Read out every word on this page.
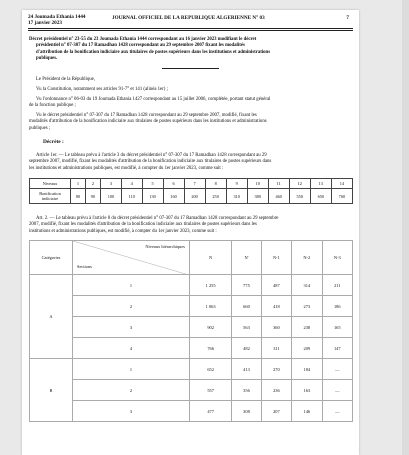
24 Joumada Ethania 1444
17 janvier 2023
JOURNAL OFFICIEL DE LA REPUBLIQUE ALGERIENNE N° 03	7
Décret présidentiel n° 23-55 du 23 Joumada Ethania 1444 correspondant au 16 janvier 2023 modifiant le décret
présidentiel n° 07-307 du 17 Ramadhan 1428 correspondant au 29 septembre 2007 fixant les modalités
d'attribution de la bonification indiciaire aux titulaires de postes supérieurs dans les institutions et administrations
publiques.
Le Président de la République,
Vu la Constitution, notamment ses articles 91-7° et 141 (alinéa 1er) ;
Vu l'ordonnance n° 06-03 du 19 Joumada Ethania 1427 correspondant au 15 juillet 2006, complétée, portant statut général
de la fonction publique ;
Vu le décret présidentiel n° 07-307 du 17 Ramadhan 1428 correspondant au 29 septembre 2007, modifié, fixant les
modalités d'attribution de la bonification indiciaire aux titulaires de postes supérieurs dans les institutions et administrations
publiques ;
Décrète :
Article 1er. — Le tableau prévu à l'article 3 du décret présidentiel n° 07-307 du 17 Ramadhan 1428 correspondant au 29
septembre 2007, modifié, fixant les modalités d'attribution de la bonification indiciaire aux titulaires de postes supérieurs dans
les institutions et administrations publiques, est modifié, à compter du 1er janvier 2023, comme suit :
Niveaux	1	2	3	4	5	6	7	8	9	10	11	12	13	14

Bonification
indiciaire	80	90	100	110	130	160	200	250	310	380	460	550	650	760
Art. 2. — Le tableau prévu à l'article 8 du décret présidentiel n° 07-307 du 17 Ramadhan 1428 correspondant au 29 septembre
2007, modifié, fixant les modalités d'attribution de la bonification indiciaire aux titulaires de postes supérieurs dans les
institutions et administrations publiques, est modifié, à compter du 1er janvier 2023, comme suit :
Catégories	Niveaux hiérarchiques
Sections	N	N'	N-1	N-2	N-3
A	1	1 255	775	487	314	211
	2	1 063	660	418	273	186
	3	902	563	360	238	165
	4	766	482	311	209	147
B	1	652	413	270	184	—
	2	557	356	236	163	—
	3	477	308	207	146	—
